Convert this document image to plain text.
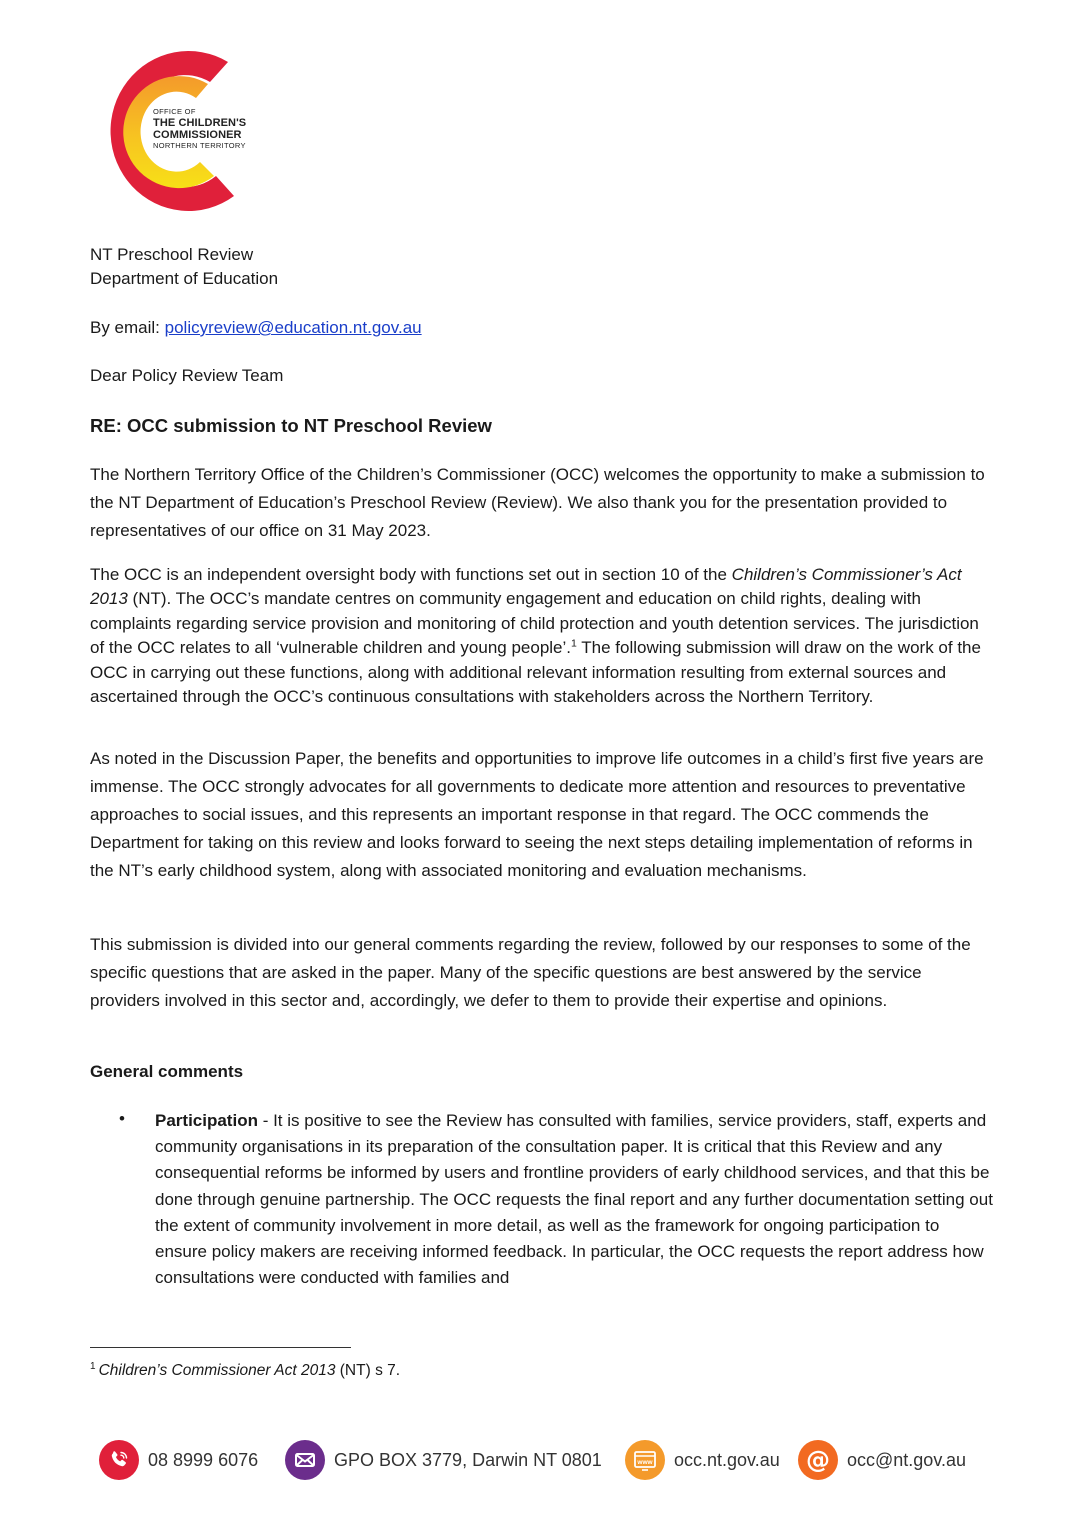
OFFICE OF
THE CHILDREN'S
COMMISSIONER
NORTHERN TERRITORY
NT Preschool Review
Department of Education
By email: policyreview@education.nt.gov.au
Dear Policy Review Team
RE: OCC submission to NT Preschool Review
The Northern Territory Office of the Children’s Commissioner (OCC) welcomes the opportunity to make a submission to the NT Department of Education’s Preschool Review (Review). We also thank you for the presentation provided to representatives of our office on 31 May 2023.
The OCC is an independent oversight body with functions set out in section 10 of the Children’s Commissioner’s Act 2013 (NT). The OCC’s mandate centres on community engagement and education on child rights, dealing with complaints regarding service provision and monitoring of child protection and youth detention services. The jurisdiction of the OCC relates to all ‘vulnerable children and young people’.$^1$ The following submission will draw on the work of the OCC in carrying out these functions, along with additional relevant information resulting from external sources and ascertained through the OCC’s continuous consultations with stakeholders across the Northern Territory.
As noted in the Discussion Paper, the benefits and opportunities to improve life outcomes in a child’s first five years are immense. The OCC strongly advocates for all governments to dedicate more attention and resources to preventative approaches to social issues, and this represents an important response in that regard. The OCC commends the Department for taking on this review and looks forward to seeing the next steps detailing implementation of reforms in the NT’s early childhood system, along with associated monitoring and evaluation mechanisms.
This submission is divided into our general comments regarding the review, followed by our responses to some of the specific questions that are asked in the paper. Many of the specific questions are best answered by the service providers involved in this sector and, accordingly, we defer to them to provide their expertise and opinions.
General comments
• Participation - It is positive to see the Review has consulted with families, service providers, staff, experts and community organisations in its preparation of the consultation paper. It is critical that this Review and any consequential reforms be informed by users and frontline providers of early childhood services, and that this be done through genuine partnership. The OCC requests the final report and any further documentation setting out the extent of community involvement in more detail, as well as the framework for ongoing participation to ensure policy makers are receiving informed feedback. In particular, the OCC requests the report address how consultations were conducted with families and
$^1$ Children’s Commissioner Act 2013 (NT) s 7.
08 8999 6076	GPO BOX 3779, Darwin NT 0801	www occ.nt.gov.au @ occ@nt.gov.au
